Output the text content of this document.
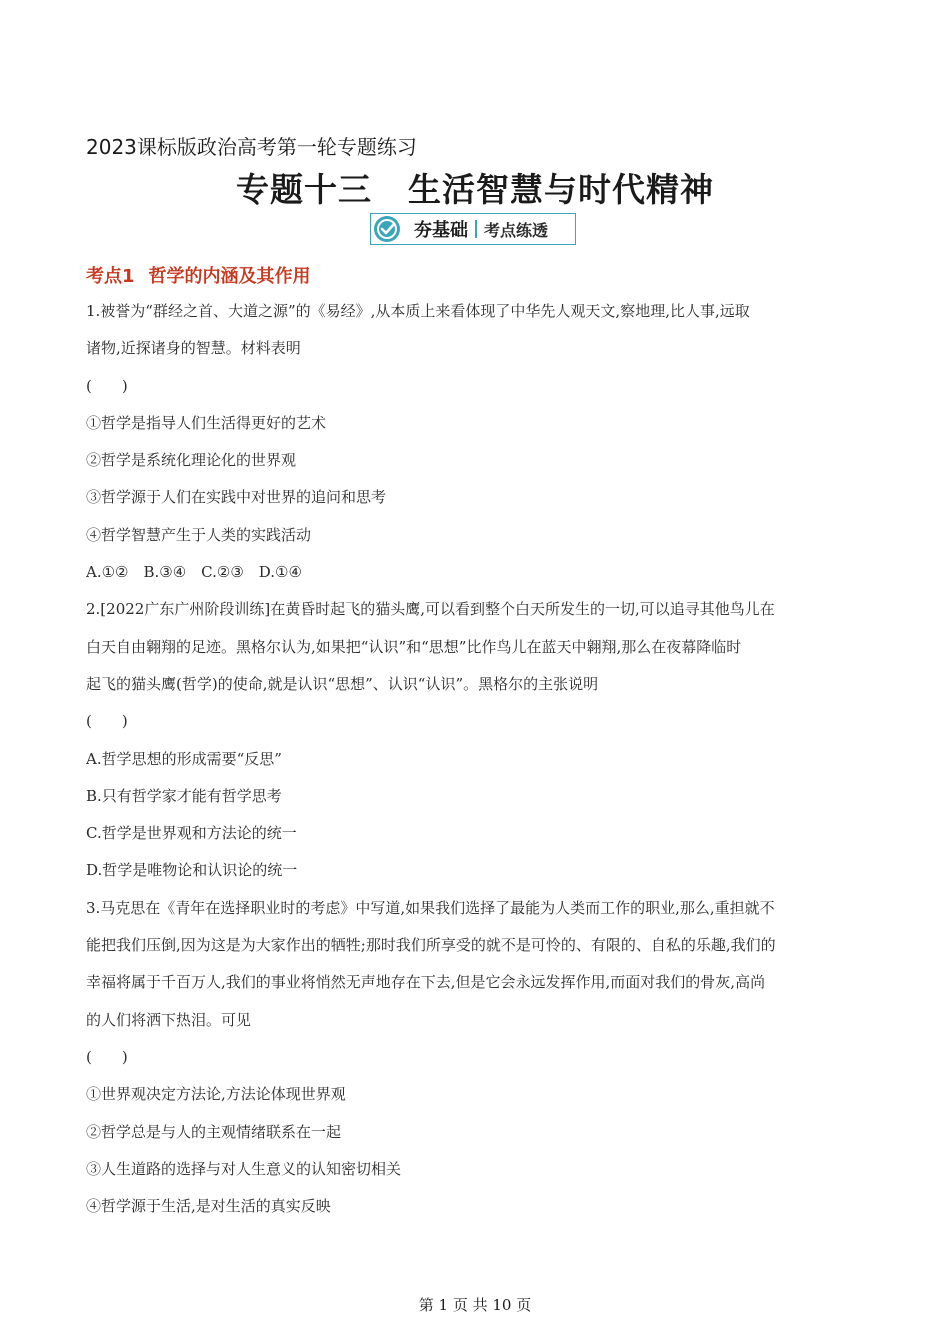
2023课标版政治高考第一轮专题练习
专题十三 生活智慧与时代精神
夯基础 考点练透
考点1 哲学的内涵及其作用
1.被誉为“群经之首、大道之源”的《易经》,从本质上来看体现了中华先人观天文,察地理,比人事,远取
诸物,近探诸身的智慧。材料表明
(　　)
①哲学是指导人们生活得更好的艺术
②哲学是系统化理论化的世界观
③哲学源于人们在实践中对世界的追问和思考
④哲学智慧产生于人类的实践活动
A.①②　B.③④　C.②③　D.①④
2.[2022广东广州阶段训练]在黄昏时起飞的猫头鹰,可以看到整个白天所发生的一切,可以追寻其他鸟儿在
白天自由翱翔的足迹。黑格尔认为,如果把“认识”和“思想”比作鸟儿在蓝天中翱翔,那么在夜幕降临时
起飞的猫头鹰(哲学)的使命,就是认识“思想”、认识“认识”。黑格尔的主张说明
(　　)
A.哲学思想的形成需要“反思”
B.只有哲学家才能有哲学思考
C.哲学是世界观和方法论的统一
D.哲学是唯物论和认识论的统一
3.马克思在《青年在选择职业时的考虑》中写道,如果我们选择了最能为人类而工作的职业,那么,重担就不
能把我们压倒,因为这是为大家作出的牺牲;那时我们所享受的就不是可怜的、有限的、自私的乐趣,我们的
幸福将属于千百万人,我们的事业将悄然无声地存在下去,但是它会永远发挥作用,而面对我们的骨灰,高尚
的人们将洒下热泪。可见
(　　)
①世界观决定方法论,方法论体现世界观
②哲学总是与人的主观情绪联系在一起
③人生道路的选择与对人生意义的认知密切相关
④哲学源于生活,是对生活的真实反映
第 1 页 共 10 页
